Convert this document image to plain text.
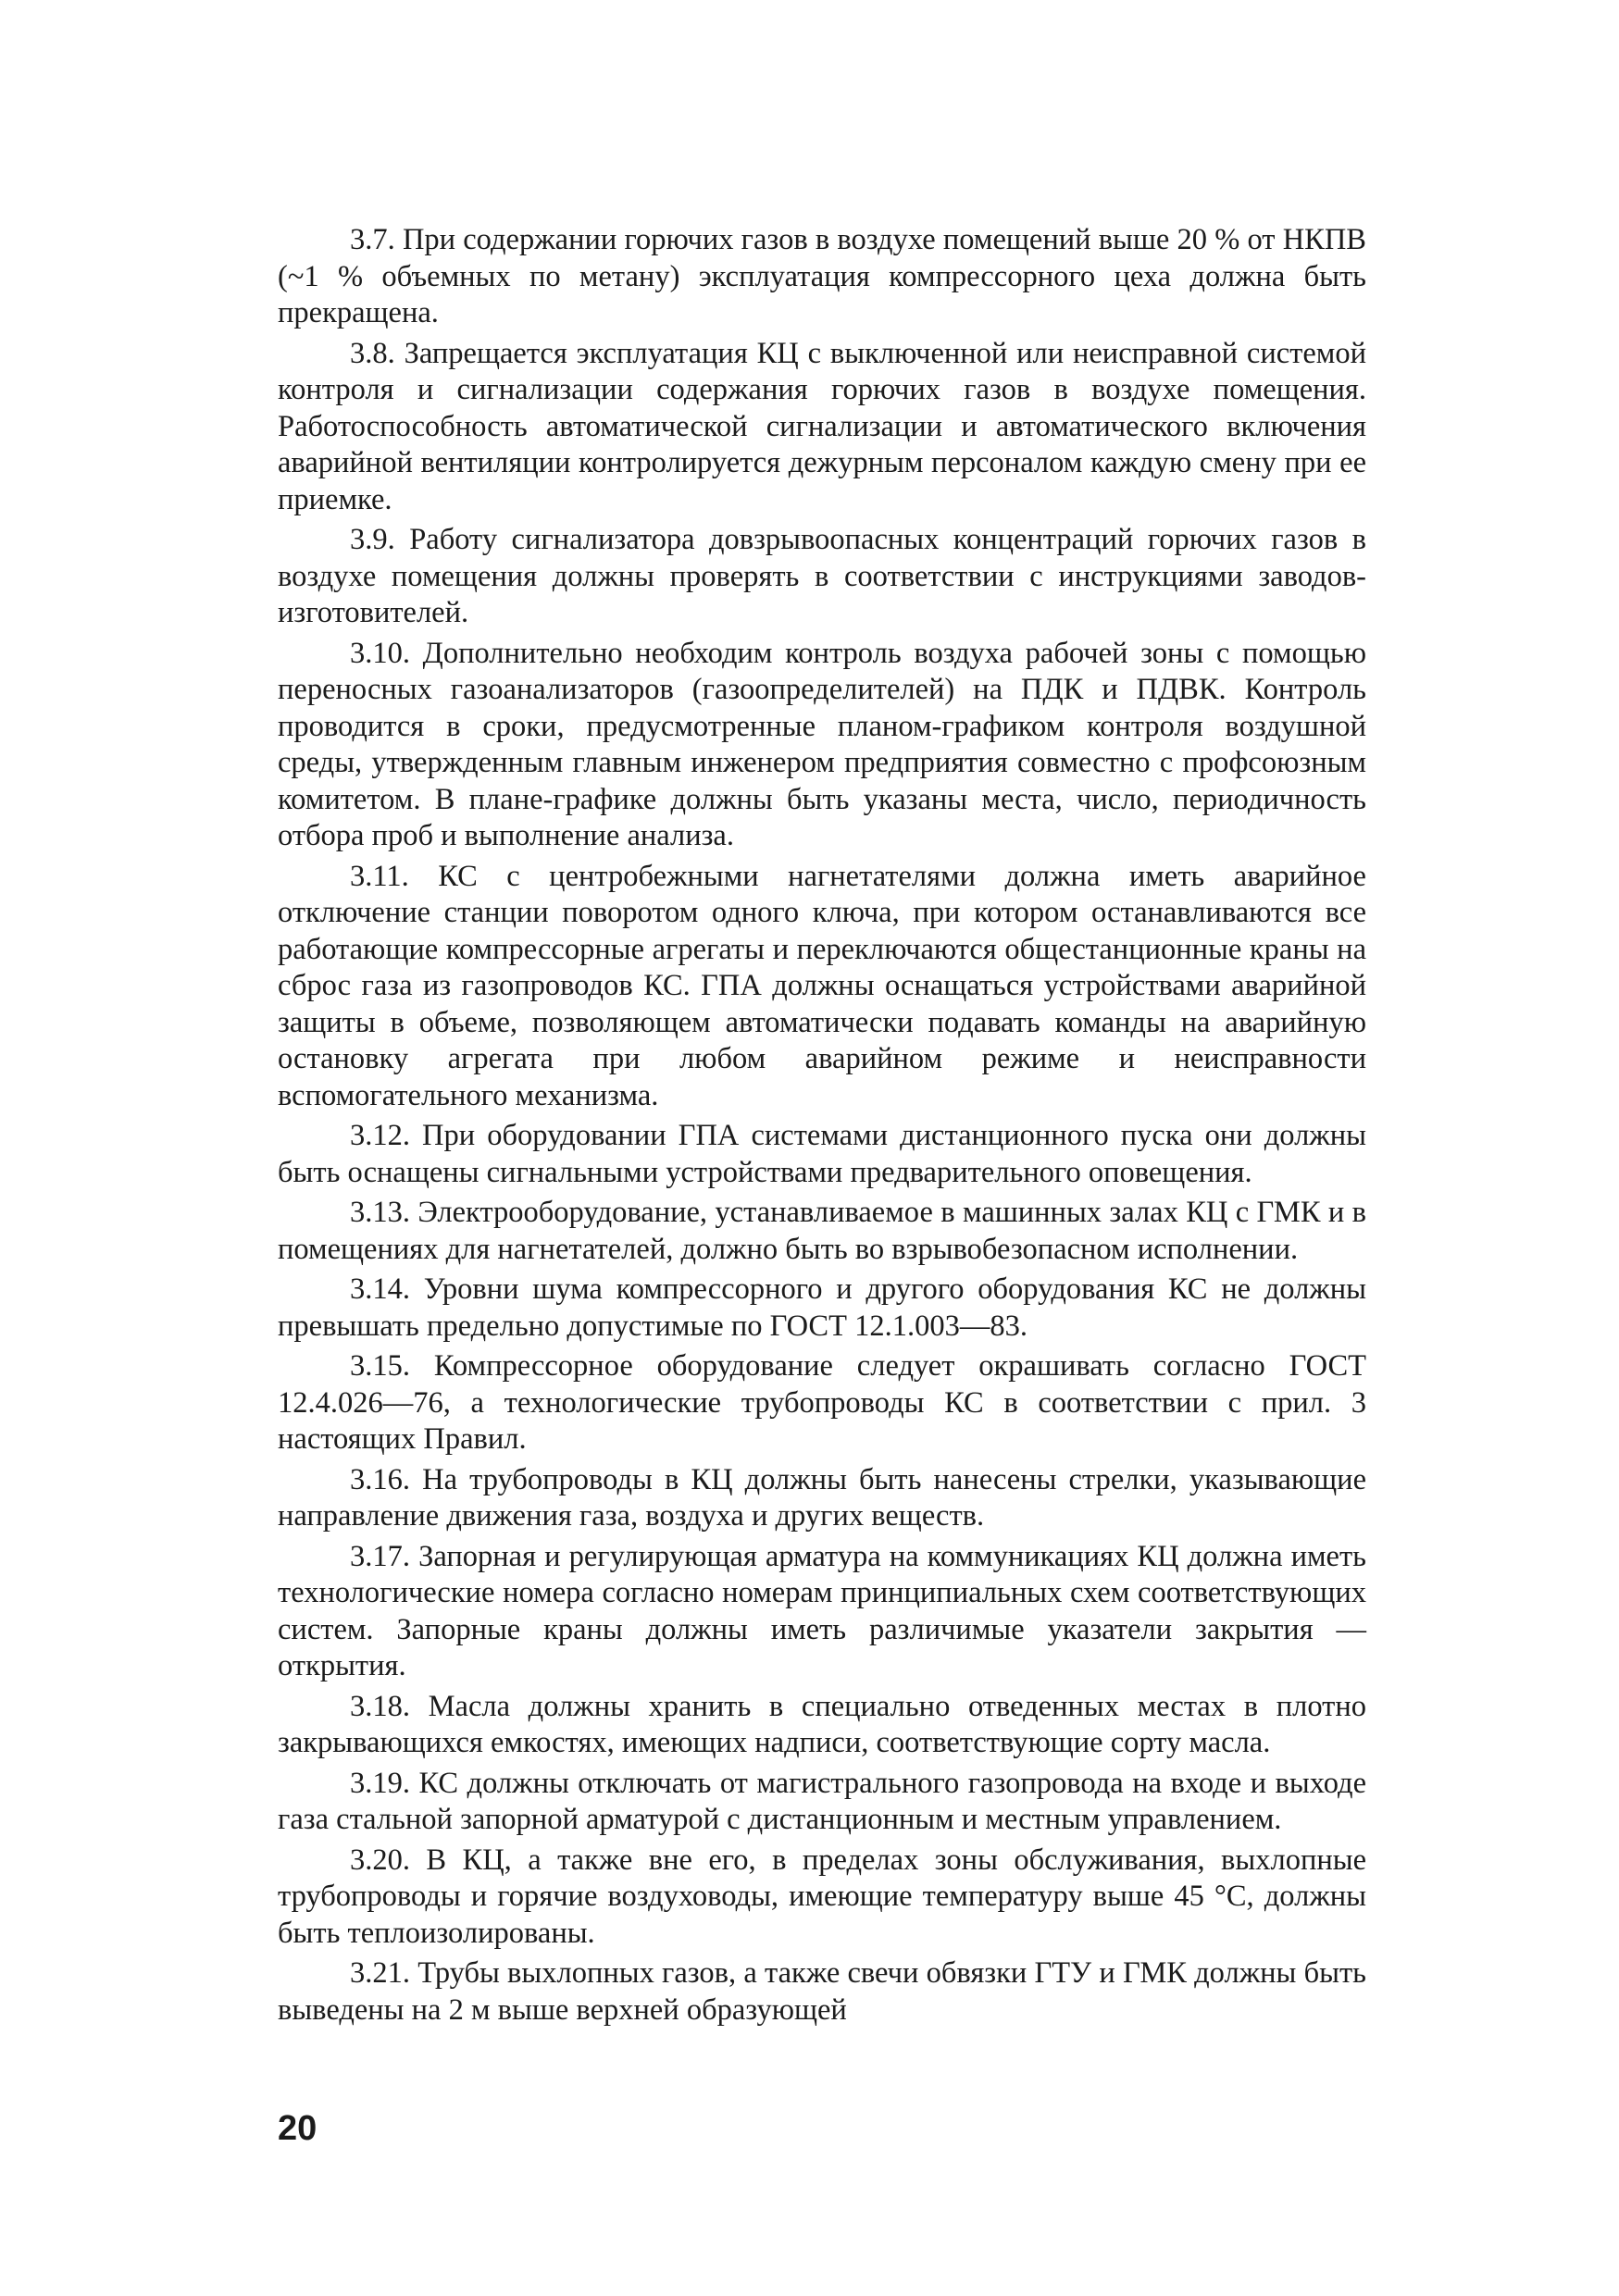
3.7. При содержании горючих газов в воздухе помещений выше 20 % от НКПВ (~1 % объемных по метану) эксплуатация компрессорного цеха должна быть прекращена.

3.8. Запрещается эксплуатация КЦ с выключенной или неисправной системой контроля и сигнализации содержания горючих газов в воздухе помещения. Работоспособность автоматической сигнализации и автоматического включения аварийной вентиляции контролируется дежурным персоналом каждую смену при ее приемке.

3.9. Работу сигнализатора довзрывоопасных концентраций горючих газов в воздухе помещения должны проверять в соответствии с инструкциями заводов-изготовителей.

3.10. Дополнительно необходим контроль воздуха рабочей зоны с помощью переносных газоанализаторов (газоопределителей) на ПДК и ПДВК. Контроль проводится в сроки, предусмотренные планом-графиком контроля воздушной среды, утвержденным главным инженером предприятия совместно с профсоюзным комитетом. В плане-графике должны быть указаны места, число, периодичность отбора проб и выполнение анализа.

3.11. КС с центробежными нагнетателями должна иметь аварийное отключение станции поворотом одного ключа, при котором останавливаются все работающие компрессорные агрегаты и переключаются общестанционные краны на сброс газа из газопроводов КС. ГПА должны оснащаться устройствами аварийной защиты в объеме, позволяющем автоматически подавать команды на аварийную остановку агрегата при любом аварийном режиме и неисправности вспомогательного механизма.

3.12. При оборудовании ГПА системами дистанционного пуска они должны быть оснащены сигнальными устройствами предварительного оповещения.

3.13. Электрооборудование, устанавливаемое в машинных залах КЦ с ГМК и в помещениях для нагнетателей, должно быть во взрывобезопасном исполнении.

3.14. Уровни шума компрессорного и другого оборудования КС не должны превышать предельно допустимые по ГОСТ 12.1.003—83.

3.15. Компрессорное оборудование следует окрашивать согласно ГОСТ 12.4.026—76, а технологические трубопроводы КС в соответствии с прил. 3 настоящих Правил.

3.16. На трубопроводы в КЦ должны быть нанесены стрелки, указывающие направление движения газа, воздуха и других веществ.

3.17. Запорная и регулирующая арматура на коммуникациях КЦ должна иметь технологические номера согласно номерам принципиальных схем соответствующих систем. Запорные краны должны иметь различимые указатели закрытия — открытия.

3.18. Масла должны хранить в специально отведенных местах в плотно закрывающихся емкостях, имеющих надписи, соответствующие сорту масла.

3.19. КС должны отключать от магистрального газопровода на входе и выходе газа стальной запорной арматурой с дистанционным и местным управлением.

3.20. В КЦ, а также вне его, в пределах зоны обслуживания, выхлопные трубопроводы и горячие воздуховоды, имеющие температуру выше 45 °С, должны быть теплоизолированы.

3.21. Трубы выхлопных газов, а также свечи обвязки ГТУ и ГМК должны быть выведены на 2 м выше верхней образующей

20
